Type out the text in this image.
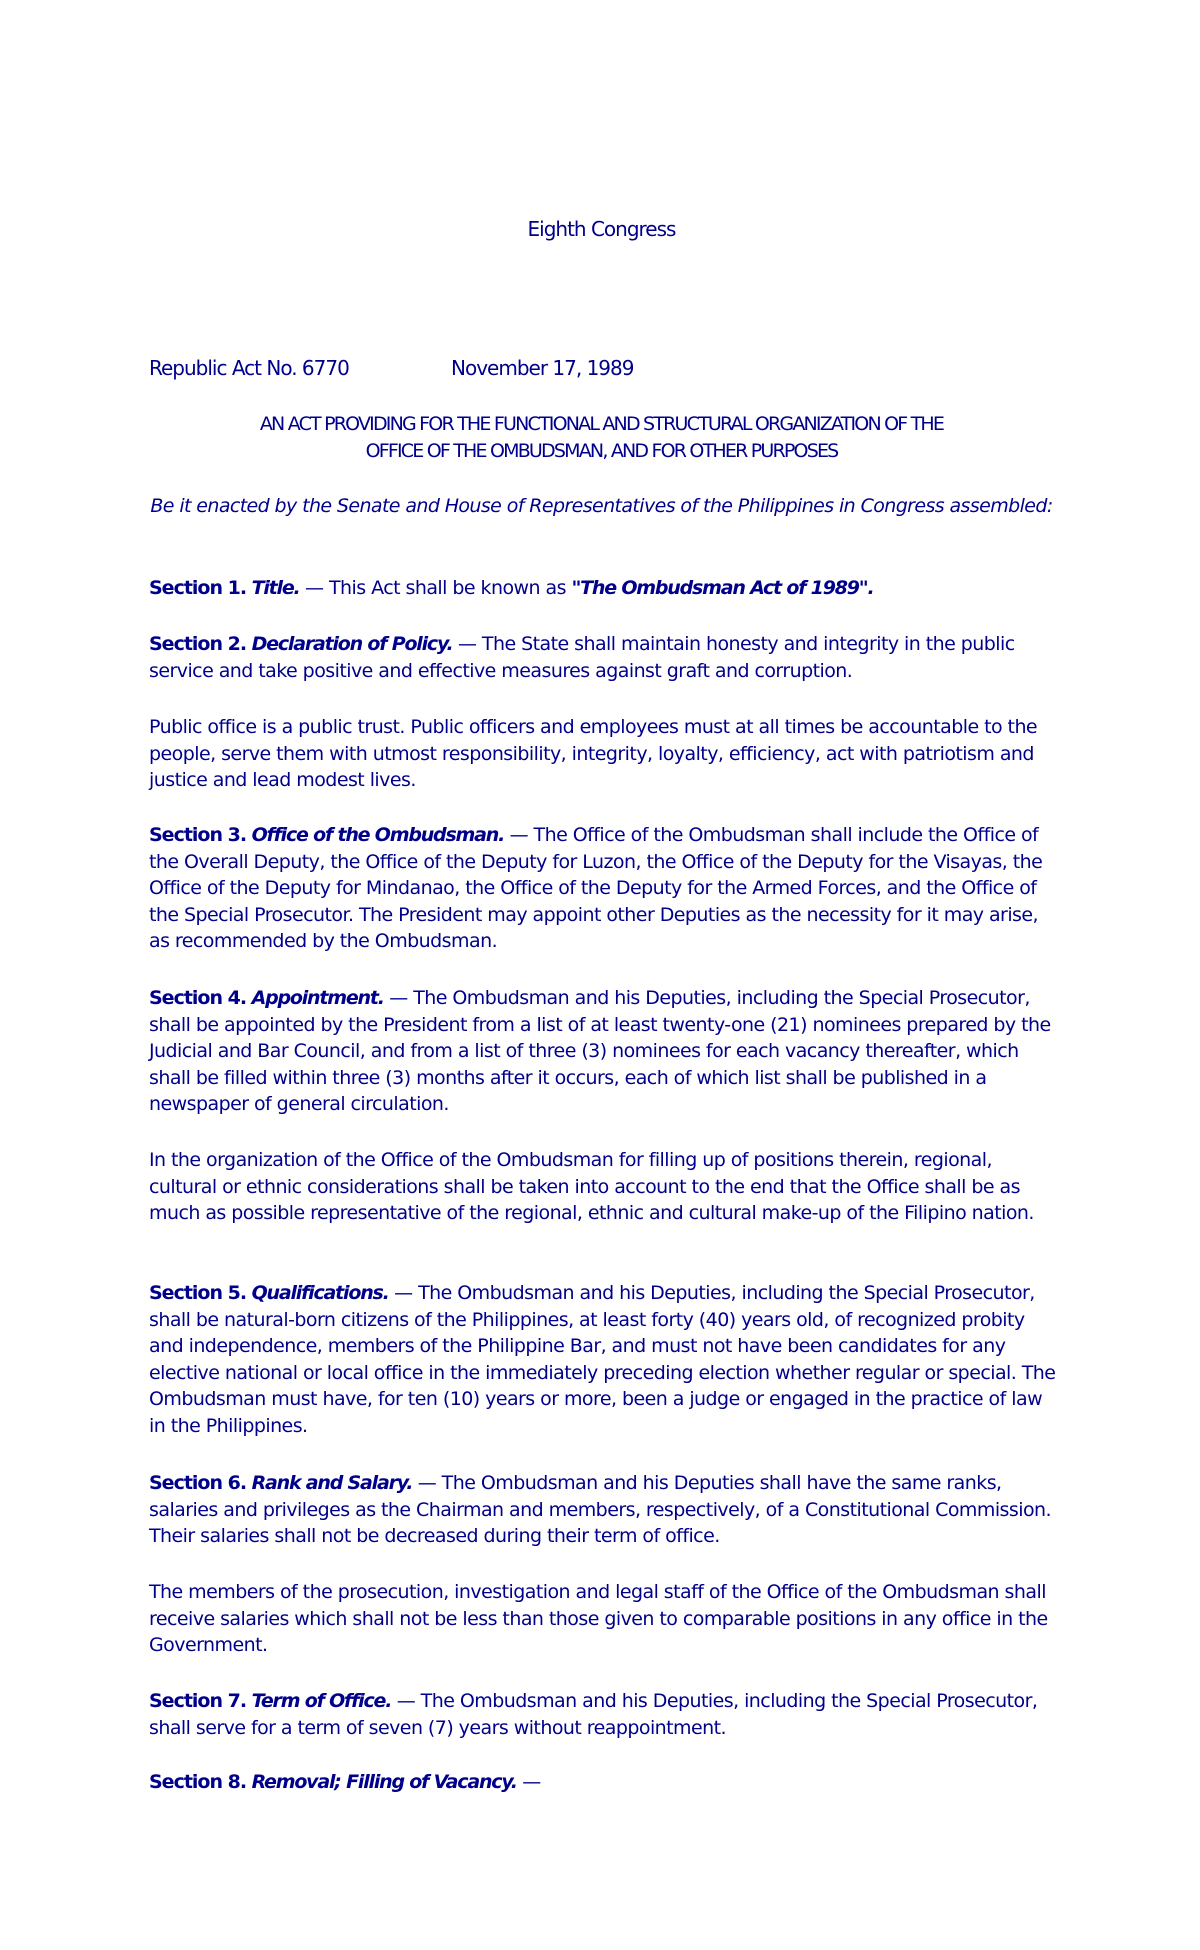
Eighth Congress
Republic Act No. 6770	November 17, 1989
AN ACT PROVIDING FOR THE FUNCTIONAL AND STRUCTURAL ORGANIZATION OF THE
OFFICE OF THE OMBUDSMAN, AND FOR OTHER PURPOSES
Be it enacted by the Senate and House of Representatives of the Philippines in Congress assembled:

Section 1. Title. — This Act shall be known as "The Ombudsman Act of 1989".

Section 2. Declaration of Policy. — The State shall maintain honesty and integrity in the public service and take positive and effective measures against graft and corruption.

Public office is a public trust. Public officers and employees must at all times be accountable to the people, serve them with utmost responsibility, integrity, loyalty, efficiency, act with patriotism and justice and lead modest lives.

Section 3. Office of the Ombudsman. — The Office of the Ombudsman shall include the Office of the Overall Deputy, the Office of the Deputy for Luzon, the Office of the Deputy for the Visayas, the Office of the Deputy for Mindanao, the Office of the Deputy for the Armed Forces, and the Office of the Special Prosecutor. The President may appoint other Deputies as the necessity for it may arise, as recommended by the Ombudsman.

Section 4. Appointment. — The Ombudsman and his Deputies, including the Special Prosecutor, shall be appointed by the President from a list of at least twenty-one (21) nominees prepared by the Judicial and Bar Council, and from a list of three (3) nominees for each vacancy thereafter, which shall be filled within three (3) months after it occurs, each of which list shall be published in a newspaper of general circulation.

In the organization of the Office of the Ombudsman for filling up of positions therein, regional, cultural or ethnic considerations shall be taken into account to the end that the Office shall be as much as possible representative of the regional, ethnic and cultural make-up of the Filipino nation.

Section 5. Qualifications. — The Ombudsman and his Deputies, including the Special Prosecutor, shall be natural-born citizens of the Philippines, at least forty (40) years old, of recognized probity and independence, members of the Philippine Bar, and must not have been candidates for any elective national or local office in the immediately preceding election whether regular or special. The Ombudsman must have, for ten (10) years or more, been a judge or engaged in the practice of law in the Philippines.

Section 6. Rank and Salary. — The Ombudsman and his Deputies shall have the same ranks, salaries and privileges as the Chairman and members, respectively, of a Constitutional Commission. Their salaries shall not be decreased during their term of office.

The members of the prosecution, investigation and legal staff of the Office of the Ombudsman shall receive salaries which shall not be less than those given to comparable positions in any office in the Government.

Section 7. Term of Office. — The Ombudsman and his Deputies, including the Special Prosecutor, shall serve for a term of seven (7) years without reappointment.

Section 8. Removal; Filling of Vacancy. —
